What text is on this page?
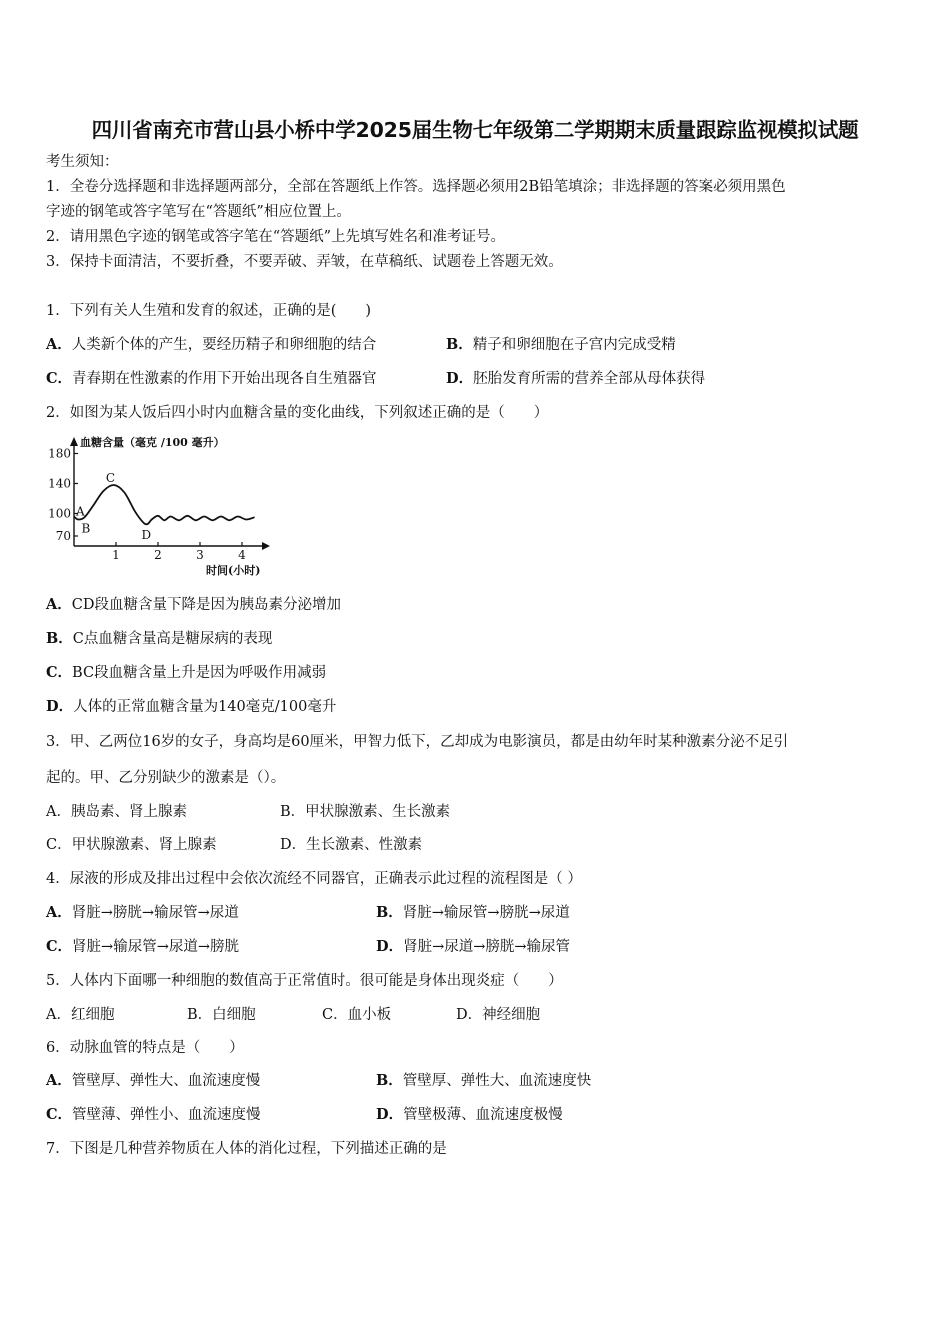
四川省南充市营山县小桥中学2025届生物七年级第二学期期末质量跟踪监视模拟试题
考生须知：
1．全卷分选择题和非选择题两部分，全部在答题纸上作答。选择题必须用2B铅笔填涂；非选择题的答案必须用黑色
字迹的钢笔或答字笔写在“答题纸”相应位置上。
2．请用黑色字迹的钢笔或答字笔在“答题纸”上先填写姓名和准考证号。
3．保持卡面清洁，不要折叠，不要弄破、弄皱，在草稿纸、试题卷上答题无效。
1．下列有关人生殖和发育的叙述，正确的是(　　)
A．人类新个体的产生，要经历精子和卵细胞的结合	B．精子和卵细胞在子宫内完成受精
C．青春期在性激素的作用下开始出现各自生殖器官	D．胚胎发育所需的营养全部从母体获得
2．如图为某人饭后四小时内血糖含量的变化曲线，下列叙述正确的是（　　）
血糖含量（毫克 /100 毫升）
时间(小时)
70
100
140
180
1	2	3	4
A
B
C
D
A．CD段血糖含量下降是因为胰岛素分泌增加
B．C点血糖含量高是糖尿病的表现
C．BC段血糖含量上升是因为呼吸作用减弱
D．人体的正常血糖含量为140毫克/100毫升
3．甲、乙两位16岁的女子，身高均是60厘米，甲智力低下，乙却成为电影演员，都是由幼年时某种激素分泌不足引
起的。甲、乙分别缺少的激素是（）。
A．胰岛素、肾上腺素	B．甲状腺激素、生长激素
C．甲状腺激素、肾上腺素	D．生长激素、性激素
4．尿液的形成及排出过程中会依次流经不同器官，正确表示此过程的流程图是（ ）
A．肾脏→膀胱→输尿管→尿道	B．肾脏→输尿管→膀胱→尿道
C．肾脏→输尿管→尿道→膀胱	D．肾脏→尿道→膀胱→输尿管
5．人体内下面哪一种细胞的数值高于正常值时。很可能是身体出现炎症（　　）
A．红细胞	B．白细胞	C．血小板	D．神经细胞
6．动脉血管的特点是（　　）
A．管壁厚、弹性大、血流速度慢	B．管壁厚、弹性大、血流速度快
C．管壁薄、弹性小、血流速度慢	D．管壁极薄、血流速度极慢
7．下图是几种营养物质在人体的消化过程，下列描述正确的是
